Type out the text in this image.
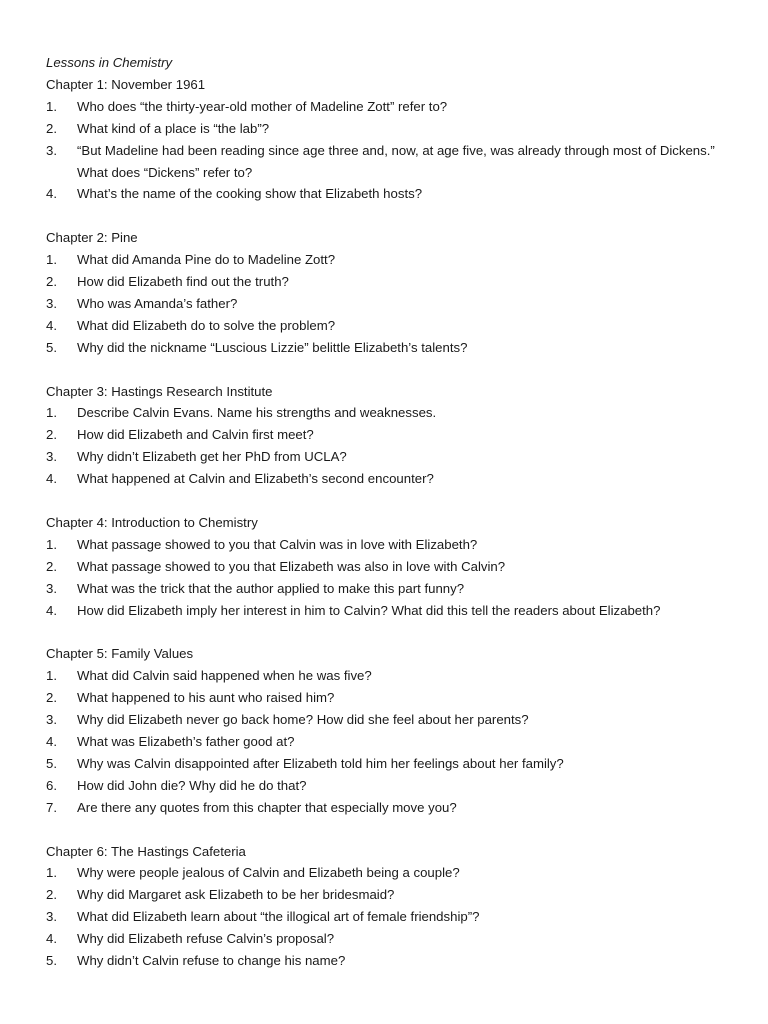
Lessons in Chemistry
Chapter 1: November 1961
1. Who does “the thirty-year-old mother of Madeline Zott” refer to?
2. What kind of a place is “the lab”?
3. “But Madeline had been reading since age three and, now, at age five, was already through most of Dickens.” What does “Dickens” refer to?
4. What’s the name of the cooking show that Elizabeth hosts?
Chapter 2: Pine
1. What did Amanda Pine do to Madeline Zott?
2. How did Elizabeth find out the truth?
3. Who was Amanda’s father?
4. What did Elizabeth do to solve the problem?
5. Why did the nickname “Luscious Lizzie” belittle Elizabeth’s talents?
Chapter 3: Hastings Research Institute
1. Describe Calvin Evans. Name his strengths and weaknesses.
2. How did Elizabeth and Calvin first meet?
3. Why didn’t Elizabeth get her PhD from UCLA?
4. What happened at Calvin and Elizabeth’s second encounter?
Chapter 4: Introduction to Chemistry
1. What passage showed to you that Calvin was in love with Elizabeth?
2. What passage showed to you that Elizabeth was also in love with Calvin?
3. What was the trick that the author applied to make this part funny?
4. How did Elizabeth imply her interest in him to Calvin? What did this tell the readers about Elizabeth?
Chapter 5: Family Values
1. What did Calvin said happened when he was five?
2. What happened to his aunt who raised him?
3. Why did Elizabeth never go back home? How did she feel about her parents?
4. What was Elizabeth’s father good at?
5. Why was Calvin disappointed after Elizabeth told him her feelings about her family?
6. How did John die? Why did he do that?
7. Are there any quotes from this chapter that especially move you?
Chapter 6: The Hastings Cafeteria
1. Why were people jealous of Calvin and Elizabeth being a couple?
2. Why did Margaret ask Elizabeth to be her bridesmaid?
3. What did Elizabeth learn about “the illogical art of female friendship”?
4. Why did Elizabeth refuse Calvin’s proposal?
5. Why didn’t Calvin refuse to change his name?
